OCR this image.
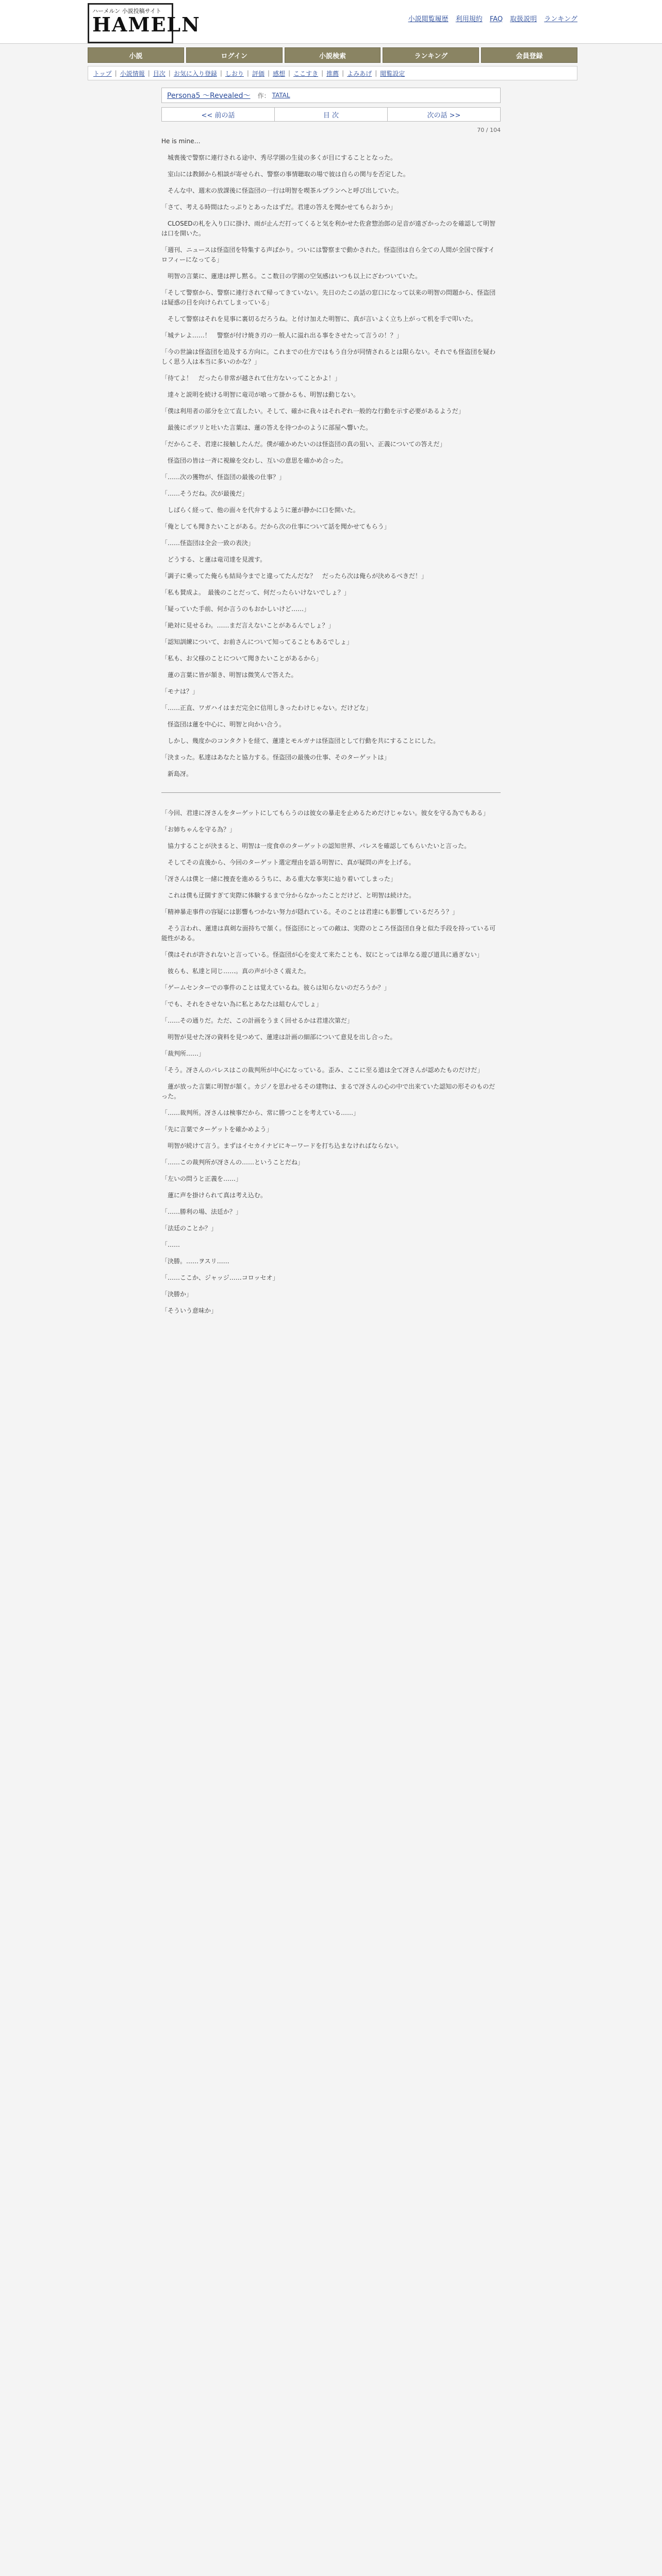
ハーメルン 小説投稿サイト
HAMELN	小説閲覧履歴 利用規約 FAQ 取扱説明 ランキング
小説	ログイン	小説検索	ランキング	会員登録
トップ | 小説情報 | 目次 | お気に入り登録 | しおり | 評価 | 感想 | ここすき | 推薦 | よみあげ | 閲覧設定
Persona5 〜Revealed〜 作： TATAL
<< 前の話	目 次	次の話 >>
70 / 104

He is mine…

　城喪後で警察に連行される途中、秀尽学園の生徒の多くが目にすることとなった。

　室山には教師から相談が寄せられ、警察の事情聴取の場で彼は自らの関与を否定した。

　そんな中、週末の放課後に怪盗団の一行は明智を喫茶ルブランへと呼び出していた。

「さて、考える時間はたっぷりとあったはずだ。君達の答えを聞かせてもらおうか」

　CLOSEDの札を入り口に掛け、雨が止んだ打ってくると気を利かせた佐倉惣治郎の足音が遠ざかったのを確認して明智は口を開いた。

「週刊、ニュースは怪盗団を特集する声ばかり。ついには警察まで動かされた。怪盗団は自ら全ての人間が全国で探すイロフィーになってる」

　明智の言葉に、蓮達は押し黙る。ここ数日の学園の空気感はいつも以上にざわついていた。

「そして警察から、警察に連行されて帰ってきていない。先日のたこの話の窓口になって以来の明智の問題から、怪盗団は疑惑の目を向けられてしまっている」

　そして警察はそれを見事に裏切るだろうね。と付け加えた明智に、真が言いよく立ち上がって机を手で叩いた。

「城テレよ……！　警察が付け焼き刃の一般人に溢れ出る事をさせたって言うの！？」

「今の世論は怪盗団を追及する方向に。これまでの仕方ではもう自分が同情されるとは限らない。それでも怪盗団を疑わしく思う人は本当に多いのかな？」

「待てよ！　だったら非常が越されて仕方ないってことかよ！」

　達々と説明を続ける明智に竜司が喰って掛かるも、明智は動じない。

「僕は利用者の部分を立て直したい。そして、確かに我々はそれぞれ一般的な行動を示す必要があるようだ」

　最後にポツリと吐いた言葉は、蓮の答えを待つかのように部屋へ響いた。

「だからこそ、君達に接触したんだ。僕が確かめたいのは怪盗団の真の狙い、正義についての答えだ」

　怪盗団の皆は一斉に視線を交わし、互いの意思を確かめ合った。

「……次の獲物が、怪盗団の最後の仕事？」

「……そうだね。次が最後だ」

　しばらく経って、他の面々を代弁するように蓮が静かに口を開いた。

「俺としても聞きたいことがある。だから次の仕事について話を聞かせてもらう」

「……怪盗団は全会一致の表決」

　どうする、と蓮は竜司達を見渡す。

「調子に乗ってた俺らも結局今までと違ってたんだな？　だったら次は俺らが決めるべきだ！」

「私も賛成よ。　最後のことだって、何だったらいけないでしょ？」

「疑っていた手前、何か言うのもおかしいけど……」

「絶対に見せるわ。……まだ言えないことがあるんでしょ？」

「認知訓練について、お前さんについて知ってることもあるでしょ」

「私も、お父様のことについて聞きたいことがあるから」

　蓮の言葉に皆が頷き、明智は微笑んで答えた。

「モナは？」

「……正直、ワガハイはまだ完全に信用しきったわけじゃない。だけどな」

　怪盗団は蓮を中心に、明智と向かい合う。

　しかし、幾度かのコンタクトを経て、蓮達とモルガナは怪盗団として行動を共にすることにした。

「決まった。私達はあなたと協力する。怪盗団の最後の仕事、そのターゲットは」

　新島冴。

「今回、君達に冴さんをターゲットにしてもらうのは彼女の暴走を止めるためだけじゃない。彼女を守る為でもある」

「お姉ちゃんを守る為？」

　協力することが決まると、明智は一度食卓のターゲットの認知世界、パレスを確認してもらいたいと言った。

　そしてその直後から、今回のターゲット選定理由を語る明智に、真が疑問の声を上げる。

「冴さんは僕と一緒に捜査を進めるうちに、ある重大な事実に辿り着いてしまった」

　これは僕も迂闊すぎて実際に体験するまで分からなかったことだけど、と明智は続けた。

「精神暴走事件の容疑には影響もつかない努力が隠れている。そのことは君達にも影響しているだろう？」

　そう言われ、蓮達は真剣な面持ちで頷く。怪盗団にとっての敵は、実際のところ怪盗団自身と似た手段を持っている可能性がある。

「僕はそれが許されないと言っている。怪盗団が心を変えて来たことも、奴にとっては単なる遊び道具に過ぎない」

　彼らも、私達と同じ……。真の声が小さく震えた。

「ゲームセンターでの事件のことは覚えているね。彼らは知らないのだろうか？」

「でも、それをさせない為に私とあなたは組むんでしょ」

「……その通りだ。ただ、この計画をうまく回せるかは君達次第だ」

　明智が見せた冴の資料を見つめて、蓮達は計画の細部について意見を出し合った。

「裁判所……」

「そう。冴さんのパレスはこの裁判所が中心になっている。歪み、ここに至る道は全て冴さんが認めたものだけだ」

　蓮が放った言葉に明智が頷く。カジノを思わせるその建物は、まるで冴さんの心の中で出来ていた認知の形そのものだった。

「……裁判所。冴さんは検事だから、常に勝つことを考えている……」

「先に言葉でターゲットを確かめよう」

　明智が続けて言う。まずはイセカイナビにキーワードを打ち込まなければならない。

「……この裁判所が冴さんの……ということだね」

「左いの問うと正義を……」

　蓮に声を掛けられて真は考え込む。

「……勝利の場、法廷か？」

「法廷のことか？」

「……

「決勝。……ヲスリ……

「……ここか、ジャッジ……コロッセオ」

「決勝か」

「そういう意味か」
